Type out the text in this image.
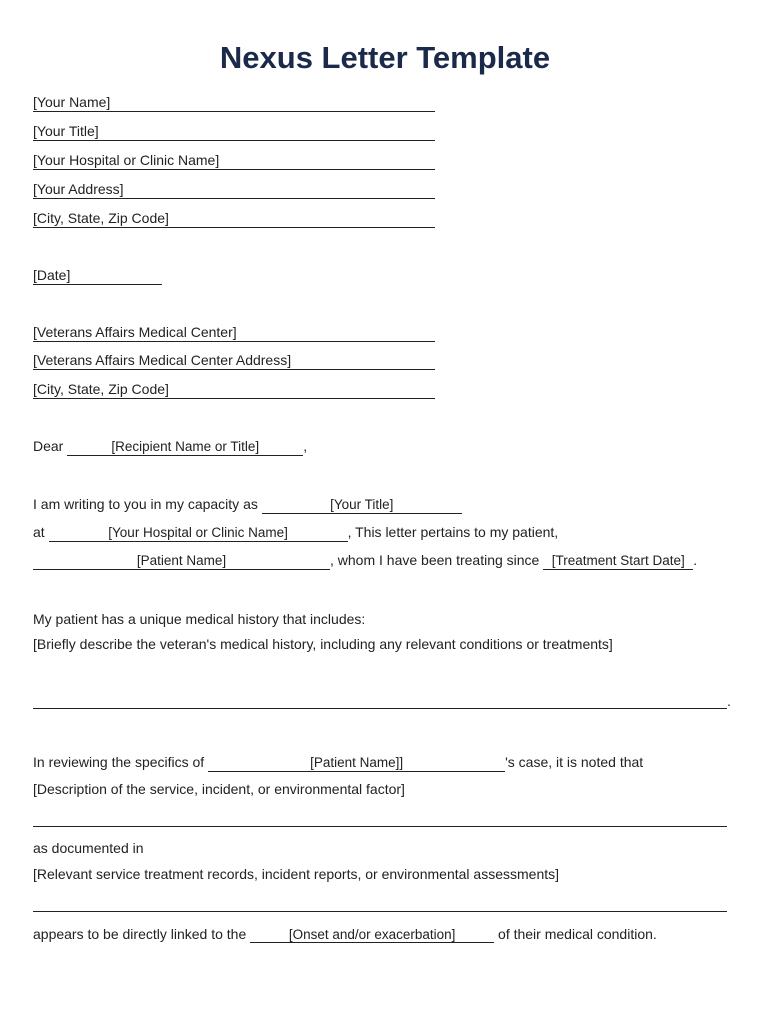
Nexus Letter Template
[Your Name]
[Your Title]
[Your Hospital or Clinic Name]
[Your Address]
[City, State, Zip Code]
[Date]
[Veterans Affairs Medical Center]
[Veterans Affairs Medical Center Address]
[City, State, Zip Code]
Dear	[Recipient Name or Title]	,
I am writing to you in my capacity as	[Your Title]
at	[Your Hospital or Clinic Name]	, This letter pertains to my patient,
[Patient Name]	, whom I have been treating since [Treatment Start Date] .
My patient has a unique medical history that includes:
[Briefly describe the veteran's medical history, including any relevant conditions or treatments]
.
In reviewing the specifics of	[Patient Name]]	's case, it is noted that
[Description of the service, incident, or environmental factor]
as documented in
[Relevant service treatment records, incident reports, or environmental assessments]
appears to be directly linked to the	[Onset and/or exacerbation]	of their medical condition.
